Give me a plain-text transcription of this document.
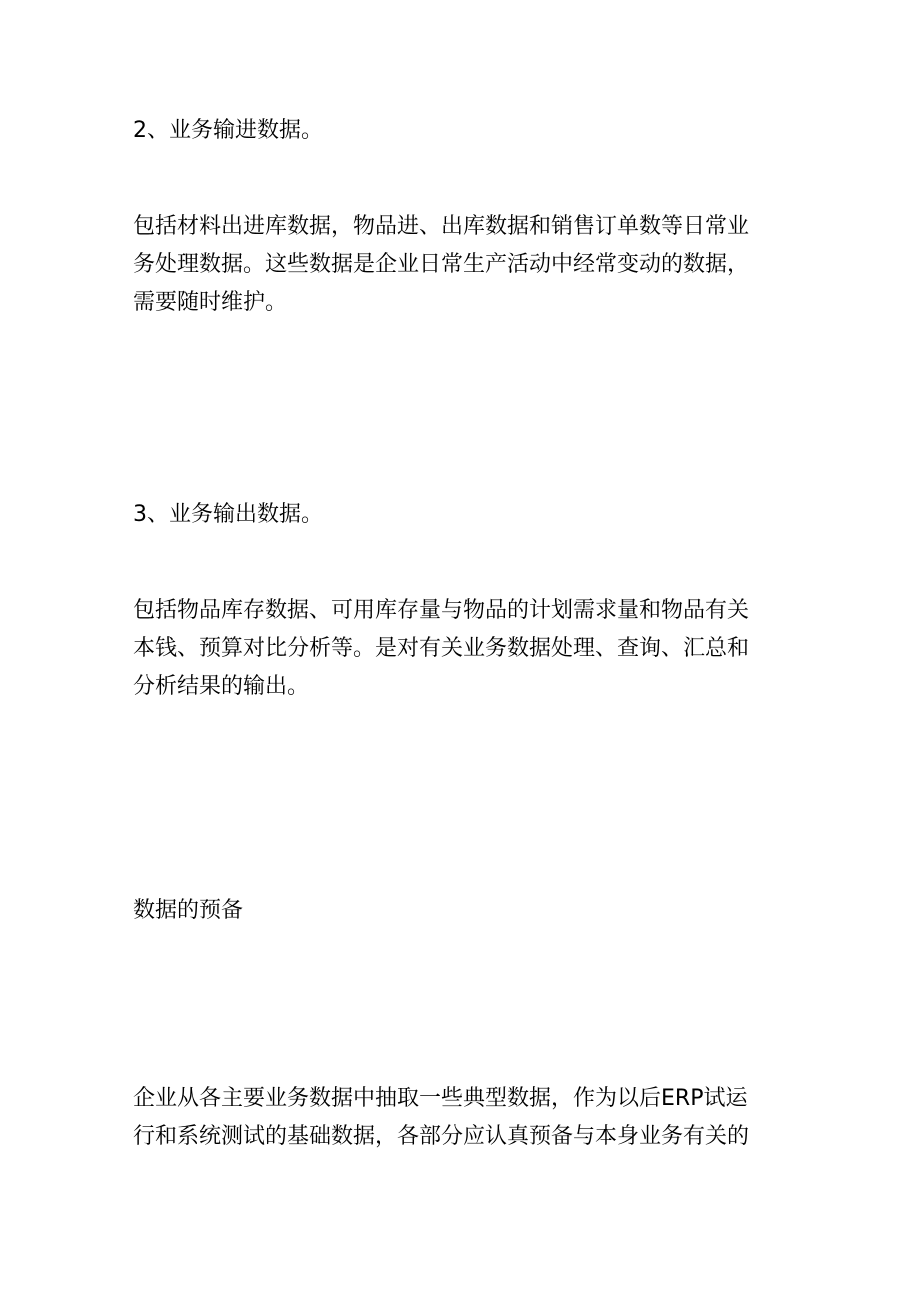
2、业务输进数据。

包括材料出进库数据，物品进、出库数据和销售订单数等日常业
务处理数据。这些数据是企业日常生产活动中经常变动的数据，
需要随时维护。

3、业务输出数据。

包括物品库存数据、可用库存量与物品的计划需求量和物品有关
本钱、预算对比分析等。是对有关业务数据处理、查询、汇总和
分析结果的输出。

数据的预备

企业从各主要业务数据中抽取一些典型数据，作为以后ERP试运
行和系统测试的基础数据，各部分应认真预备与本身业务有关的
